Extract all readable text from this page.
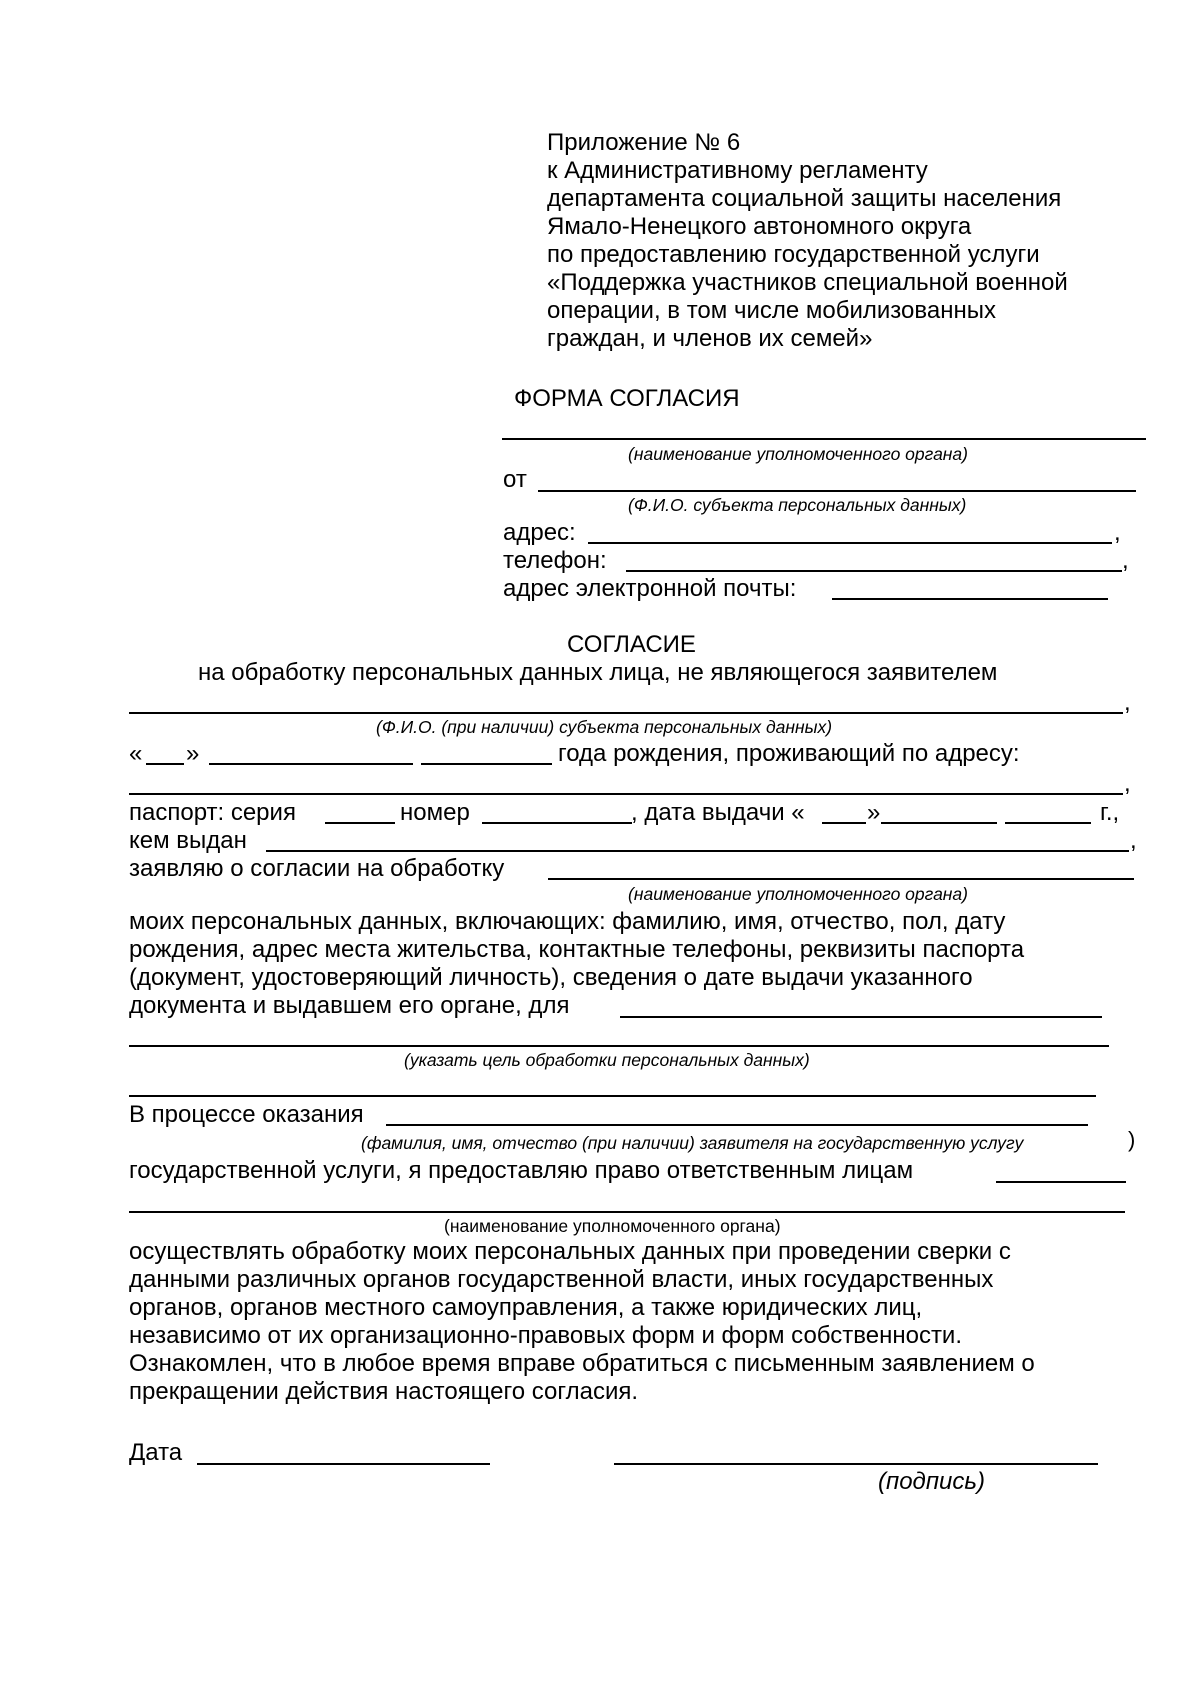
Приложение № 6
к Административному регламенту
департамента социальной защиты населения
Ямало-Ненецкого автономного округа
по предоставлению государственной услуги
«Поддержка участников специальной военной
операции, в том числе мобилизованных
граждан, и членов их семей»
ФОРМА СОГЛАСИЯ
(наименование уполномоченного органа)
от
(Ф.И.О. субъекта персональных данных)
адрес:	,
телефон:	,
адрес электронной почты:
СОГЛАСИЕ
на обработку персональных данных лица, не являющегося заявителем
,
(Ф.И.О. (при наличии) субъекта персональных данных)
« »	года рождения, проживающий по адресу:
,
паспорт: серия	номер	, дата выдачи «	»	г.,
кем выдан	,
заявляю о согласии на обработку
(наименование уполномоченного органа)
моих персональных данных, включающих: фамилию, имя, отчество, пол, дату
рождения, адрес места жительства, контактные телефоны, реквизиты паспорта
(документ, удостоверяющий личность), сведения о дате выдачи указанного
документа и выдавшем его органе, для
(указать цель обработки персональных данных)
В процессе оказания
(фамилия, имя, отчество (при наличии) заявителя на государственную услугу	)
государственной услуги, я предоставляю право ответственным лицам
(наименование уполномоченного органа)
осуществлять обработку моих персональных данных при проведении сверки с
данными различных органов государственной власти, иных государственных
органов, органов местного самоуправления, а также юридических лиц,
независимо от их организационно-правовых форм и форм собственности.
Ознакомлен, что в любое время вправе обратиться с письменным заявлением о
прекращении действия настоящего согласия.
Дата
(подпись)
